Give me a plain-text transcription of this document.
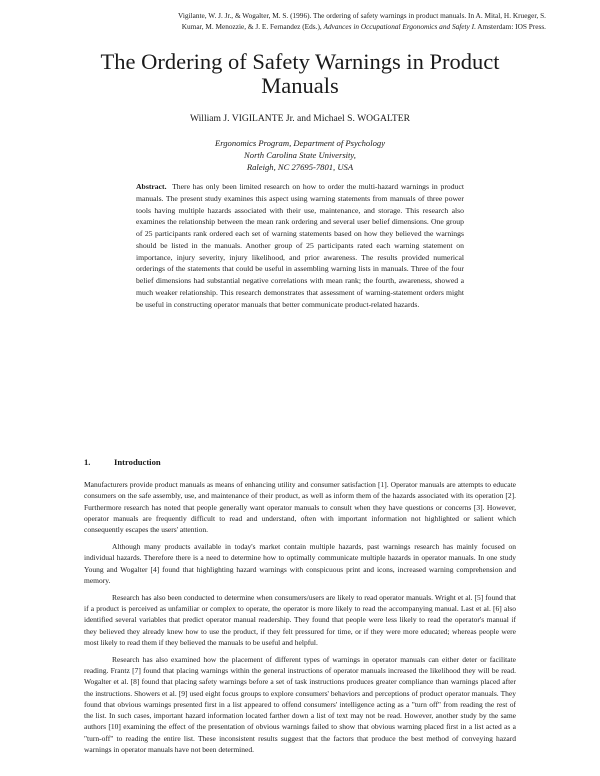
Vigilante, W. J. Jr., & Wogalter, M. S. (1996). The ordering of safety warnings in product manuals. In A. Mital, H. Krueger, S.
Kumar, M. Menozzie, & J. E. Fernandez (Eds.), Advances in Occupational Ergonomics and Safety I. Amsterdam: IOS Press.
The Ordering of Safety Warnings in Product Manuals
William J. VIGILANTE Jr. and Michael S. WOGALTER
Ergonomics Program, Department of Psychology
North Carolina State University,
Raleigh, NC 27695-7801, USA

Abstract. There has only been limited research on how to order the multi-hazard warnings in product manuals. The present study examines this aspect using warning statements from manuals of three power tools having multiple hazards associated with their use, maintenance, and storage. This research also examines the relationship between the mean rank ordering and several user belief dimensions. One group of 25 participants rank ordered each set of warning statements based on how they believed the warnings should be listed in the manuals. Another group of 25 participants rated each warning statement on importance, injury severity, injury likelihood, and prior awareness. The results provided numerical orderings of the statements that could be useful in assembling warning lists in manuals. Three of the four belief dimensions had substantial negative correlations with mean rank; the fourth, awareness, showed a much weaker relationship. This research demonstrates that assessment of warning-statement orders might be useful in constructing operator manuals that better communicate product-related hazards.

1.	Introduction

Manufacturers provide product manuals as means of enhancing utility and consumer satisfaction [1]. Operator manuals are attempts to educate consumers on the safe assembly, use, and maintenance of their product, as well as inform them of the hazards associated with its operation [2]. Furthermore research has noted that people generally want operator manuals to consult when they have questions or concerns [3]. However, operator manuals are frequently difficult to read and understand, often with important information not highlighted or salient which consequently escapes the users' attention.

Although many products available in today's market contain multiple hazards, past warnings research has mainly focused on individual hazards. Therefore there is a need to determine how to optimally communicate multiple hazards in operator manuals. In one study Young and Wogalter [4] found that highlighting hazard warnings with conspicuous print and icons, increased warning comprehension and memory.

Research has also been conducted to determine when consumers/users are likely to read operator manuals. Wright et al. [5] found that if a product is perceived as unfamiliar or complex to operate, the operator is more likely to read the accompanying manual. Last et al. [6] also identified several variables that predict operator manual readership. They found that people were less likely to read the operator's manual if they believed they already knew how to use the product, if they felt pressured for time, or if they were more educated; whereas people were most likely to read them if they believed the manuals to be useful and helpful.

Research has also examined how the placement of different types of warnings in operator manuals can either deter or facilitate reading. Frantz [7] found that placing warnings within the general instructions of operator manuals increased the likelihood they will be read. Wogalter et al. [8] found that placing safety warnings before a set of task instructions produces greater compliance than warnings placed after the instructions. Showers et al. [9] used eight focus groups to explore consumers' behaviors and perceptions of product operator manuals. They found that obvious warnings presented first in a list appeared to offend consumers' intelligence acting as a "turn off" from reading the rest of the list. In such cases, important hazard information located farther down a list of text may not be read. However, another study by the same authors [10] examining the effect of the presentation of obvious warnings failed to show that obvious warning placed first in a list acted as a "turn-off" to reading the entire list. These inconsistent results suggest that the factors that produce the best method of conveying hazard warnings in operator manuals have not been determined.
